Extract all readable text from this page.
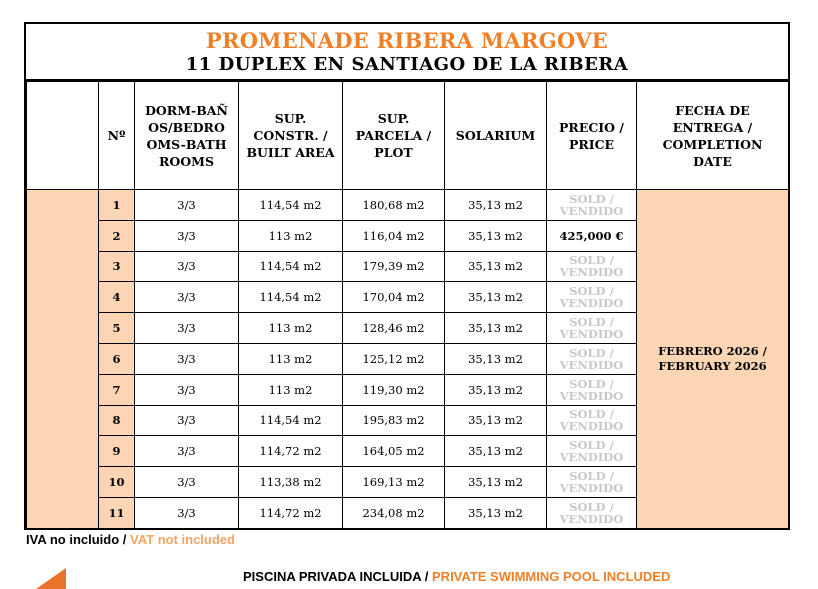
PROMENADE RIBERA MARGOVE
11 DUPLEX EN SANTIAGO DE LA RIBERA
	Nº	DORM-BAÑOS/BEDROOMS-BATHROOMS	SUP. CONSTR. / BUILT AREA	SUP. PARCELA / PLOT	SOLARIUM	PRECIO / PRICE	FECHA DE ENTREGA / COMPLETION DATE
	1	3/3	114,54 m2	180,68 m2	35,13 m2	SOLD / VENDIDO	FEBRERO 2026 / FEBRUARY 2026
	2	3/3	113 m2	116,04 m2	35,13 m2	425,000 €	
	3	3/3	114,54 m2	179,39 m2	35,13 m2	SOLD / VENDIDO	
	4	3/3	114,54 m2	170,04 m2	35,13 m2	SOLD / VENDIDO	
	5	3/3	113 m2	128,46 m2	35,13 m2	SOLD / VENDIDO	
	6	3/3	113 m2	125,12 m2	35,13 m2	SOLD / VENDIDO	
	7	3/3	113 m2	119,30 m2	35,13 m2	SOLD / VENDIDO	
	8	3/3	114,54 m2	195,83 m2	35,13 m2	SOLD / VENDIDO	
	9	3/3	114,72 m2	164,05 m2	35,13 m2	SOLD / VENDIDO	
	10	3/3	113,38 m2	169,13 m2	35,13 m2	SOLD / VENDIDO	
	11	3/3	114,72 m2	234,08 m2	35,13 m2	SOLD / VENDIDO	
IVA no incluido / VAT not included
PISCINA PRIVADA INCLUIDA / PRIVATE SWIMMING POOL INCLUDED
